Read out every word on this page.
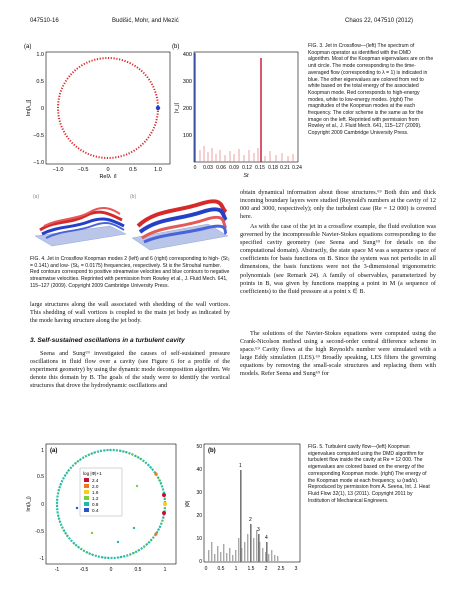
047510-16	Budišić, Mohr, and Mezić	Chaos 22, 047510 (2012)
(a)
1.0
0.5
0
−0.5
−1.0
−1.0	−0.5	0	0.5	1.0
Re[λ_j]
Im[λ_j]
(b)
400
300
200
100
0 0.03 0.06 0.09 0.12 0.15 0.18 0.21 0.24
St
|v_j|
FIG. 3. Jet in Crossflow—(left) The spectrum of Koopman operator as identified with the DMD algorithm. Most of the Koopman eigenvalues are on the unit circle. The mode corresponding to the time-averaged flow (corresponding to λ = 1) is indicated in blue. The other eigenvalues are colored from red to white based on the total energy of the associated Koopman mode. Red corresponds to high-energy modes, white to low-energy modes. (right) The magnitudes of the Koopman modes at the each frequency. The color scheme is the same as for the image on the left. Reprinted with permission from Rowley et al., J. Fluid Mech. 641, 115–127 (2009). Copyright 2009 Cambridge University Press.
(a)	(b)
FIG. 4. Jet in Crossflow Koopman modes 2 (left) and 6 (right) corresponding to high- (St₂ = 0.141) and low- (St₆ = 0.0175) frequencies, respectively. St is the Strouhal number. Red contours correspond to positive streamwise velocities and blue contours to negative streamwise velocities. Reprinted with permission from Rowley et al., J. Fluid Mech. 641, 115–127 (2009). Copyright 2009 Cambridge University Press.
large structures along the wall associated with shedding of the wall vortices. This shedding of wall vortices is coupled to the main jet body as indicated by the mode having structure along the jet body.
3. Self-sustained oscillations in a turbulent cavity
Seena and Sung⁶⁹ investigated the causes of self-sustained pressure oscillations in fluid flow over a cavity (see Figure 6 for a profile of the experiment geometry) by using the dynamic mode decomposition algorithm. We denote this domain by B. The goals of the study were to identify the vortical structures that drove the hydrodynamic oscillations and
obtain dynamical information about those structures.⁶⁹ Both thin and thick incoming boundary layers were studied (Reynold's numbers at the cavity of 12 000 and 3000, respectively); only the turbulent case (Re = 12 000) is covered here.
As with the case of the jet in a crossflow example, the fluid evolution was governed by the incompressible Navier-Stokes equations corresponding to the specified cavity geometry (see Seena and Sung⁶⁹ for details on the computational domain). Abstractly, the state space M was a sequence space of coefficients for basis functions on B. Since the system was not periodic in all dimensions, the basis functions were not the 3-dimensional trigonometric polynomials (see Remark 24). A family of observables, parameterized by points in B, was given by functions mapping a point in M (a sequence of coefficients) to the fluid pressure at a point x ∈ B.
The solutions of the Navier-Stokes equations were computed using the Crank-Nicolson method using a second-order central difference scheme in space.⁶⁹ Cavity flows at the high Reynold's number were simulated with a large Eddy simulation (LES).⁶⁹ Broadly speaking, LES filters the governing equations by removing the small-scale structures and replacing them with models. Refer Seena and Sung⁶⁹ for
(a)
log |Φ|+1
2.4
2.0
1.6
1.2
0.8
0.4
1
0.5
0
-0.5
-1
-1	-0.5	0	0.5	1
Im(λ_j)
(b)
1
2
3
4
50
40
30
20
10
0
0 0.5 1 1.5 2 2.5 3
|Φ|
FIG. 5. Turbulent cavity flow—(left) Koopman eigenvalues computed using the DMD algorithm for turbulent flow inside the cavity at Re = 12 000. The eigenvalues are colored based on the energy of the corresponding Koopman mode. (right) The energy of the Koopman mode at each frequency, ω (rad/s). Reproduced by permission from A. Seena, Int. J. Heat Fluid Flow 32(1), 13 (2011). Copyright 2011 by Institution of Mechanical Engineers.
